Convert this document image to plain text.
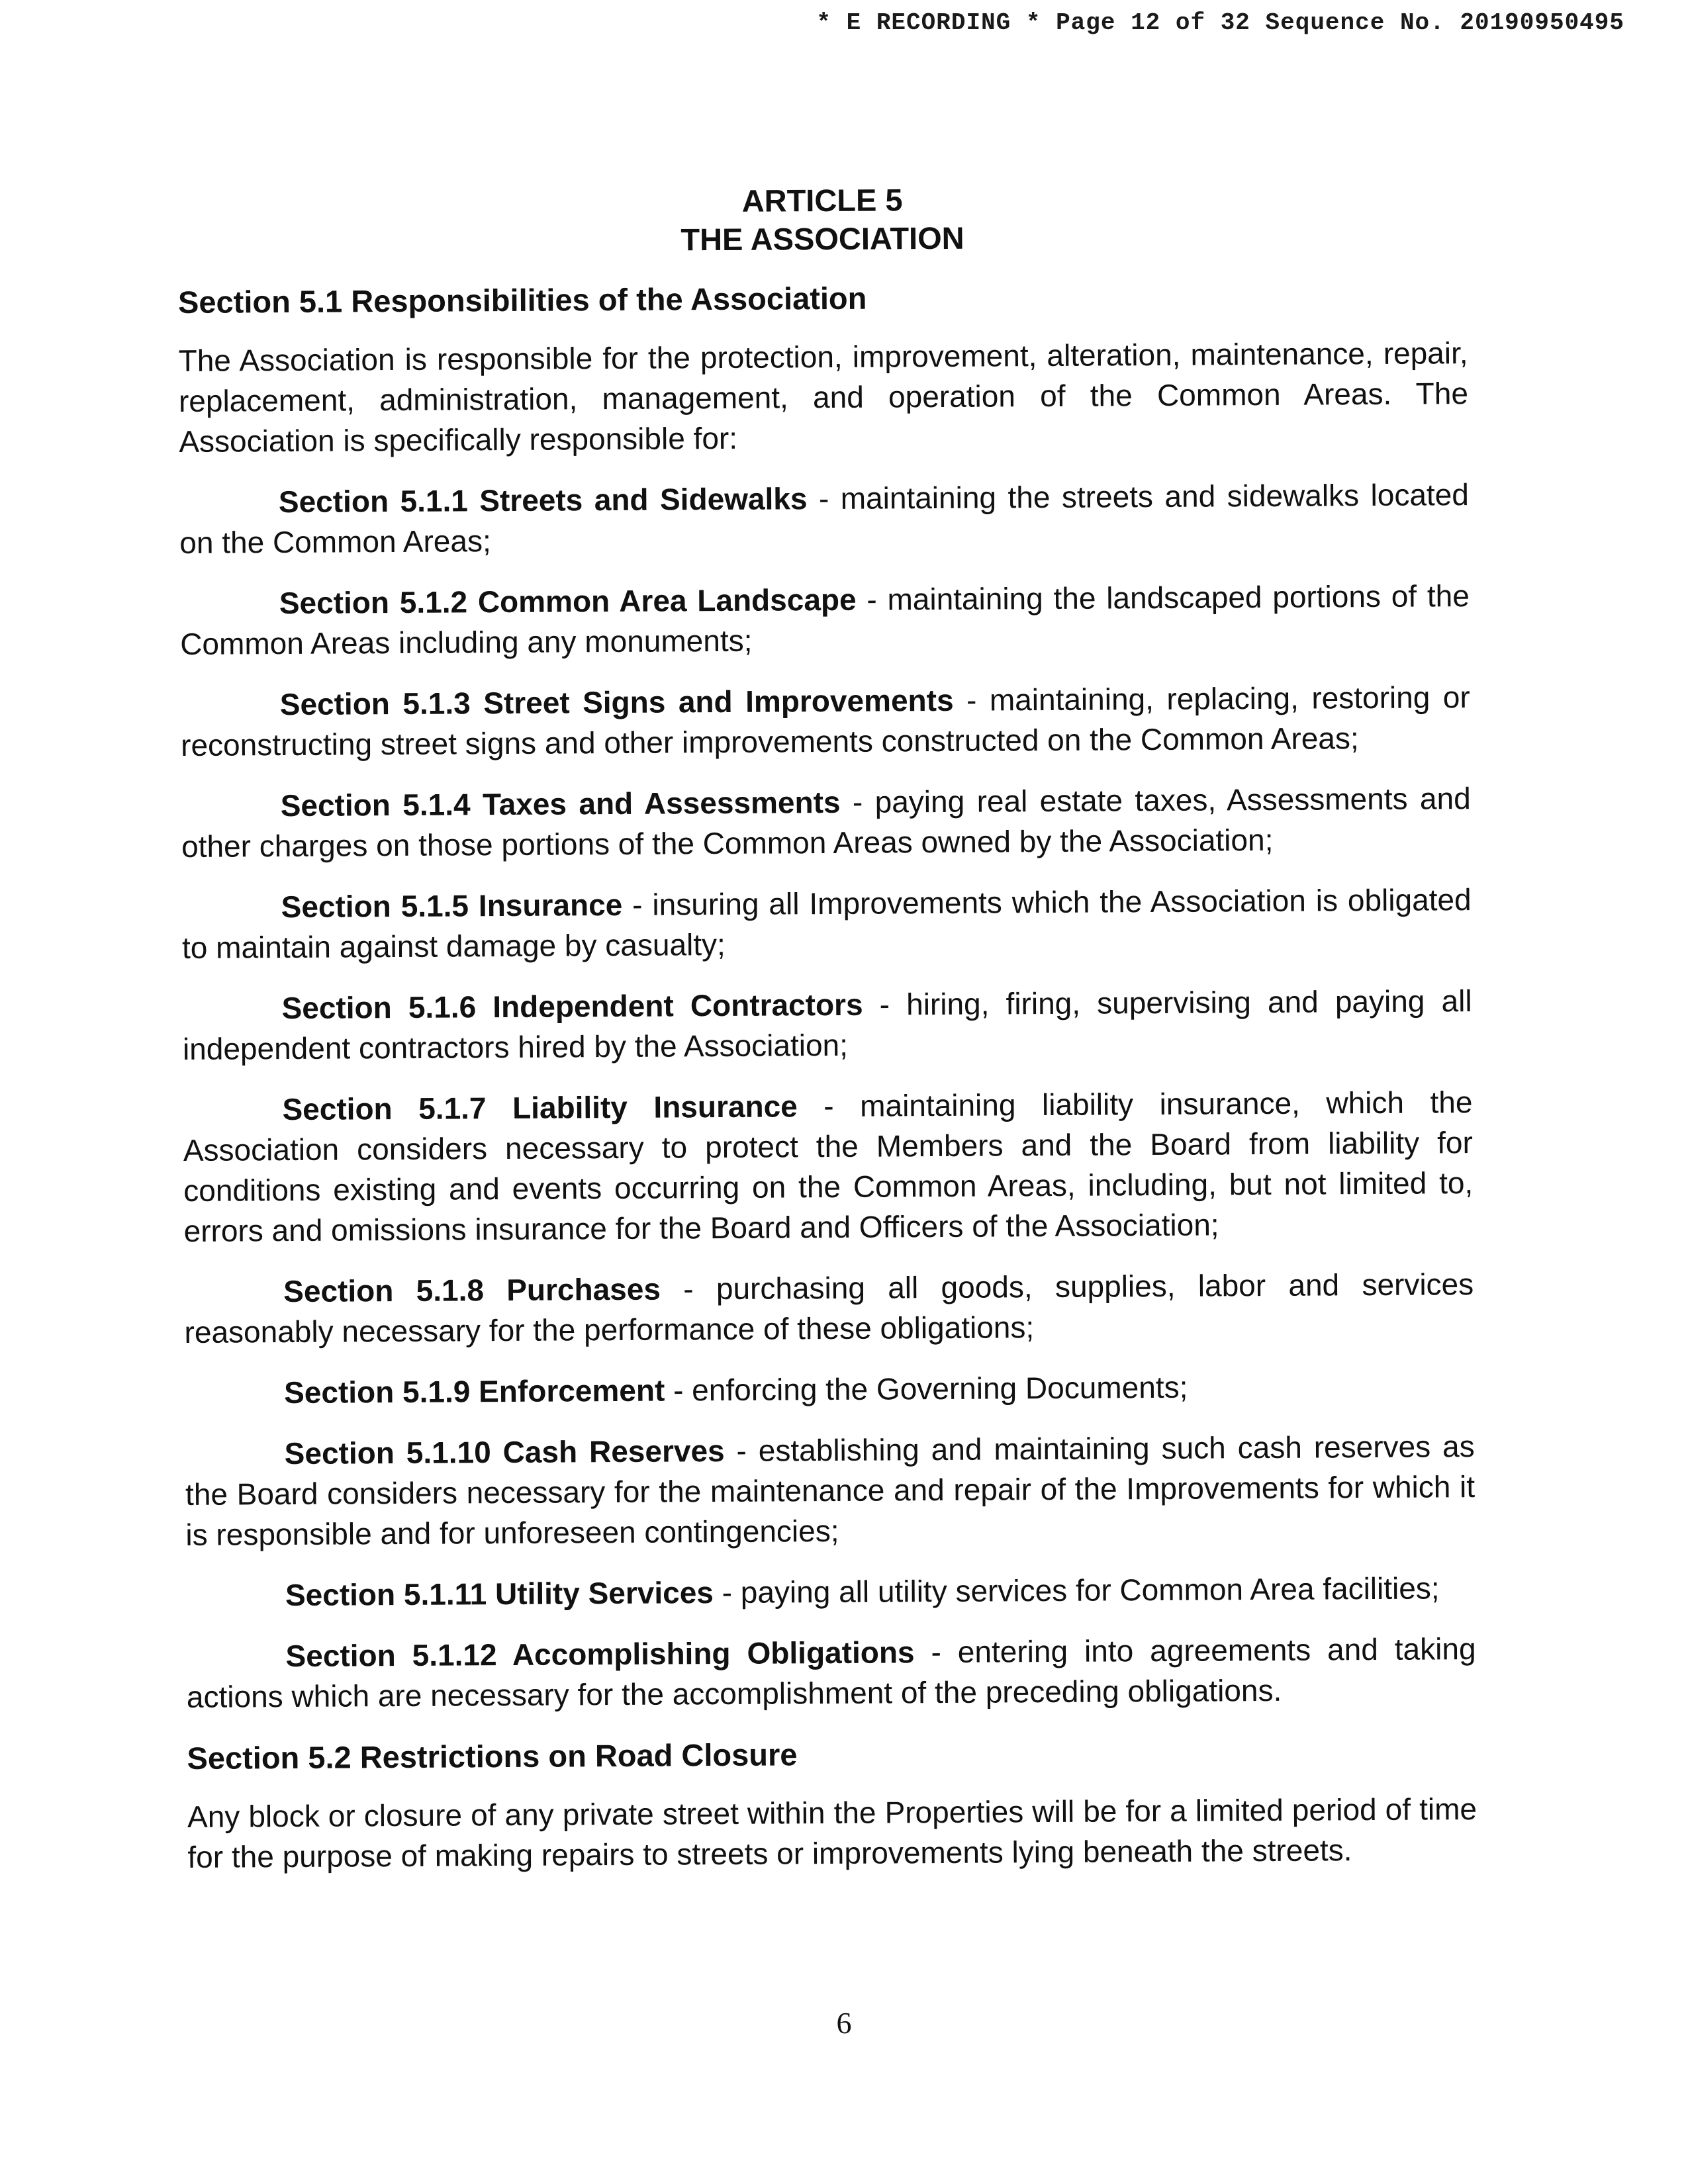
* E RECORDING * Page 12 of 32 Sequence No. 20190950495
ARTICLE 5
THE ASSOCIATION
Section 5.1 Responsibilities of the Association
The Association is responsible for the protection, improvement, alteration, maintenance, repair, replacement, administration, management, and operation of the Common Areas. The Association is specifically responsible for:
Section 5.1.1 Streets and Sidewalks - maintaining the streets and sidewalks located on the Common Areas;
Section 5.1.2 Common Area Landscape - maintaining the landscaped portions of the Common Areas including any monuments;
Section 5.1.3 Street Signs and Improvements - maintaining, replacing, restoring or reconstructing street signs and other improvements constructed on the Common Areas;
Section 5.1.4 Taxes and Assessments - paying real estate taxes, Assessments and other charges on those portions of the Common Areas owned by the Association;
Section 5.1.5 Insurance - insuring all Improvements which the Association is obligated to maintain against damage by casualty;
Section 5.1.6 Independent Contractors - hiring, firing, supervising and paying all independent contractors hired by the Association;
Section 5.1.7 Liability Insurance - maintaining liability insurance, which the Association considers necessary to protect the Members and the Board from liability for conditions existing and events occurring on the Common Areas, including, but not limited to, errors and omissions insurance for the Board and Officers of the Association;
Section 5.1.8 Purchases - purchasing all goods, supplies, labor and services reasonably necessary for the performance of these obligations;
Section 5.1.9 Enforcement - enforcing the Governing Documents;
Section 5.1.10 Cash Reserves - establishing and maintaining such cash reserves as the Board considers necessary for the maintenance and repair of the Improvements for which it is responsible and for unforeseen contingencies;
Section 5.1.11 Utility Services - paying all utility services for Common Area facilities;
Section 5.1.12 Accomplishing Obligations - entering into agreements and taking actions which are necessary for the accomplishment of the preceding obligations.
Section 5.2 Restrictions on Road Closure
Any block or closure of any private street within the Properties will be for a limited period of time for the purpose of making repairs to streets or improvements lying beneath the streets.
6
